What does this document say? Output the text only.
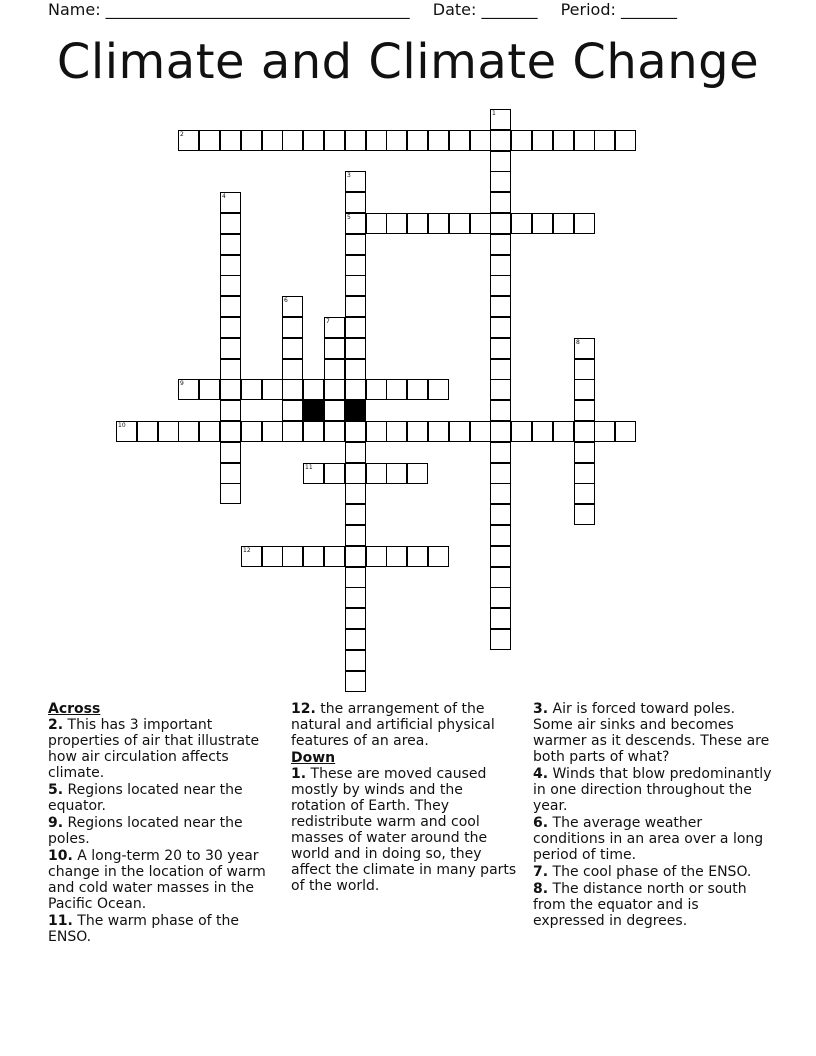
Name: ______________________________________ Date: _______ Period: _______
Climate and Climate Change
1
2
3
5
4
6
7
8
9
10
11
12
Across
2. This has 3 important properties of air that illustrate how air circulation affects climate.
5. Regions located near the equator.
9. Regions located near the poles.
10. A long-term 20 to 30 year change in the location of warm and cold water masses in the Pacific Ocean.
11. The warm phase of the ENSO.
12. the arrangement of the natural and artificial physical features of an area.
Down
1. These are moved caused mostly by winds and the rotation of Earth. They redistribute warm and cool masses of water around the world and in doing so, they affect the climate in many parts of the world.
3. Air is forced toward poles. Some air sinks and becomes warmer as it descends. These are both parts of what?
4. Winds that blow predominantly in one direction throughout the year.
6. The average weather conditions in an area over a long period of time.
7. The cool phase of the ENSO.
8. The distance north or south from the equator and is expressed in degrees.
